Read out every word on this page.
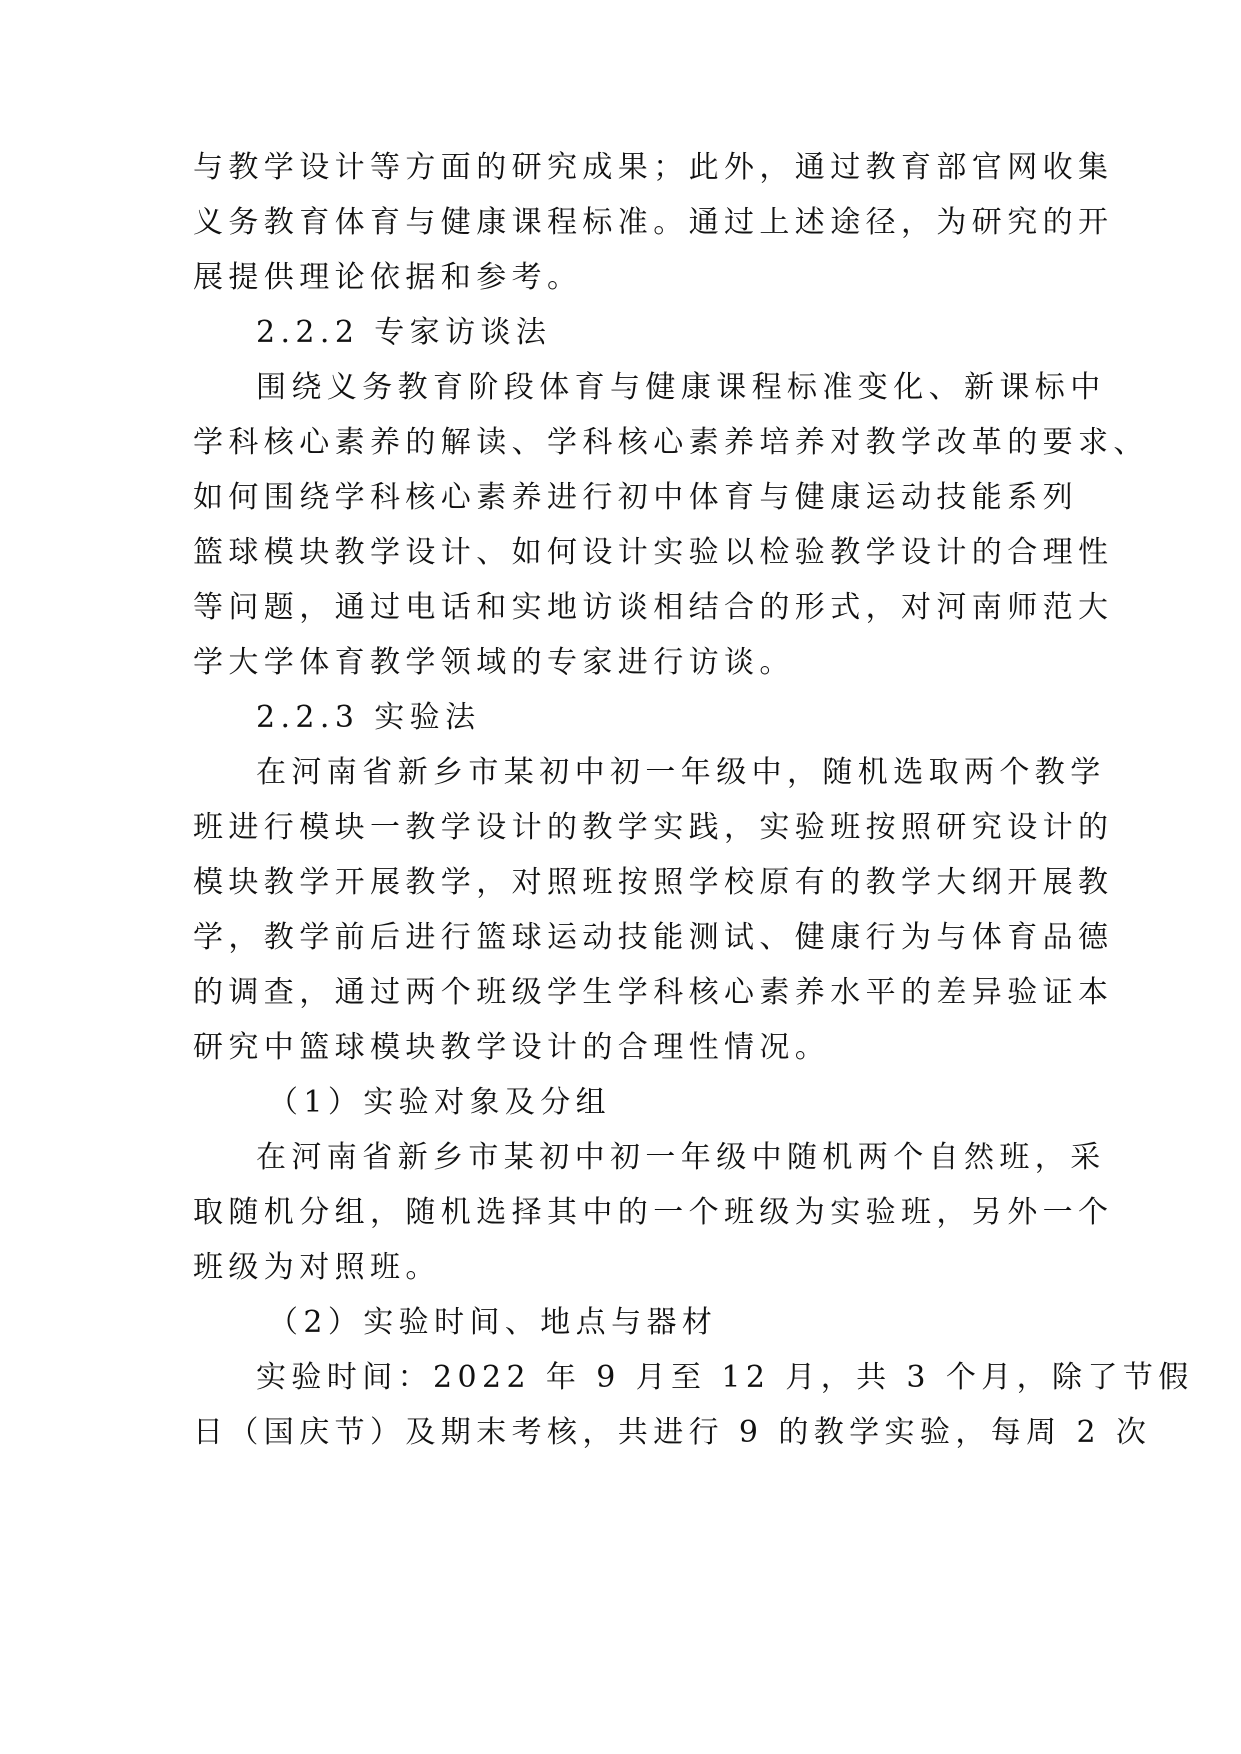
与教学设计等方面的研究成果；此外，通过教育部官网收集
义务教育体育与健康课程标准。通过上述途径，为研究的开
展提供理论依据和参考。
2.2.2 专家访谈法
围绕义务教育阶段体育与健康课程标准变化、新课标中
学科核心素养的解读、学科核心素养培养对教学改革的要求、
如何围绕学科核心素养进行初中体育与健康运动技能系列
篮球模块教学设计、如何设计实验以检验教学设计的合理性
等问题，通过电话和实地访谈相结合的形式，对河南师范大
学大学体育教学领域的专家进行访谈。
2.2.3 实验法
在河南省新乡市某初中初一年级中，随机选取两个教学
班进行模块一教学设计的教学实践，实验班按照研究设计的
模块教学开展教学，对照班按照学校原有的教学大纲开展教
学，教学前后进行篮球运动技能测试、健康行为与体育品德
的调查，通过两个班级学生学科核心素养水平的差异验证本
研究中篮球模块教学设计的合理性情况。
（1）实验对象及分组
在河南省新乡市某初中初一年级中随机两个自然班，采
取随机分组，随机选择其中的一个班级为实验班，另外一个
班级为对照班。
（2）实验时间、地点与器材
实验时间：2022 年 9 月至 12 月，共 3 个月，除了节假
日（国庆节）及期末考核，共进行 9 的教学实验，每周 2 次
